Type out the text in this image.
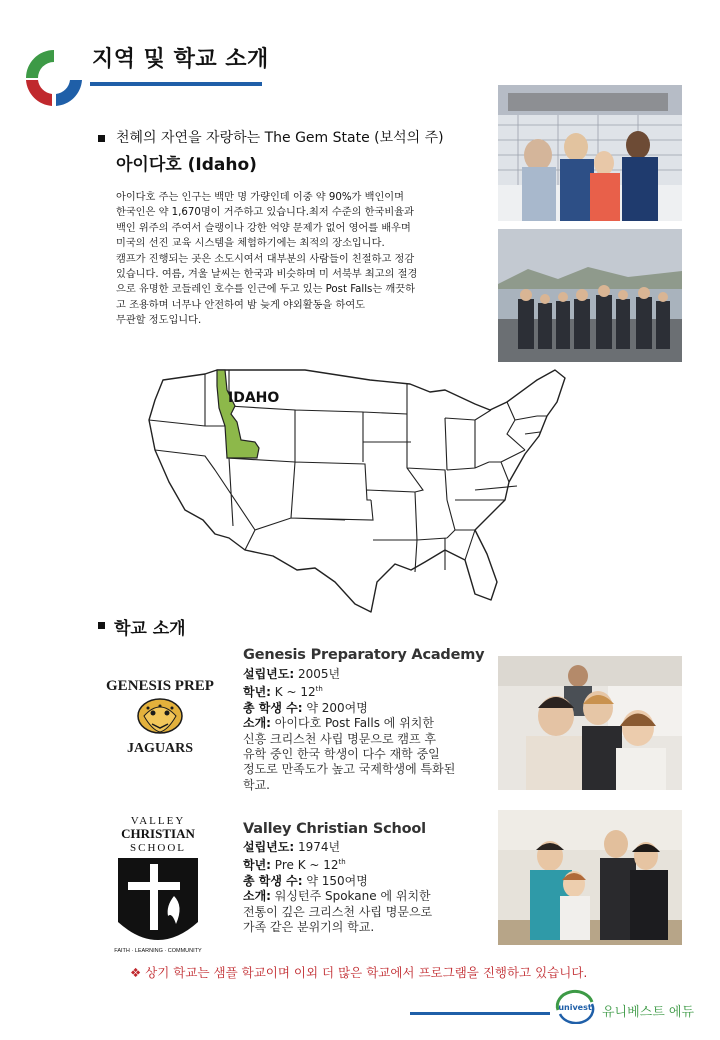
지역 및 학교 소개
천혜의 자연을 자랑하는 The Gem State (보석의 주)
아이다호 (Idaho)

아이다호 주는 인구는 백만 명 가량인데 이중 약 90%가 백인이며

한국인은 약 1,670명이 거주하고 있습니다.최저 수준의 한국비율과

백인 위주의 주여서 슬랭이나 강한 억양 문제가 없어 영어를 배우며

미국의 선진 교육 시스템을 체험하기에는 최적의 장소입니다.

캠프가 진행되는 곳은 소도시여서 대부분의 사람들이 친절하고 정감

있습니다. 여름, 겨울 날씨는 한국과 비슷하며 미 서북부 최고의 절경

으로 유명한 코들레인 호수를 인근에 두고 있는 Post Falls는 깨끗하

고 조용하며 너무나 안전하여 밤 늦게 야외활동을 하여도

무관할 정도입니다.

IDAHO
학교 소개
GENESIS PREP
JAGUARS
Genesis Preparatory Academy

설립년도: 2005년

학년: K ~ 12th

총 학생 수: 약 200여명

소개: 아이다호 Post Falls 에 위치한

신흥 크리스천 사립 명문으로 캠프 후

유학 중인 한국 학생이 다수 재학 중일

정도로 만족도가 높고 국제학생에 특화된

학교.

VALLEY
CHRISTIAN
SCHOOL
FAITH · LEARNING · COMMUNITY
Valley Christian School

설립년도: 1974년

학년: Pre K ~ 12th

총 학생 수: 약 150여명

소개: 워싱턴주 Spokane 에 위치한

전통이 깊은 크리스천 사립 명문으로

가족 같은 분위기의 학교.

❖ 상기 학교는 샘플 학교이며 이외 더 많은 학교에서 프로그램을 진행하고 있습니다.
univest 유니베스트 에듀
